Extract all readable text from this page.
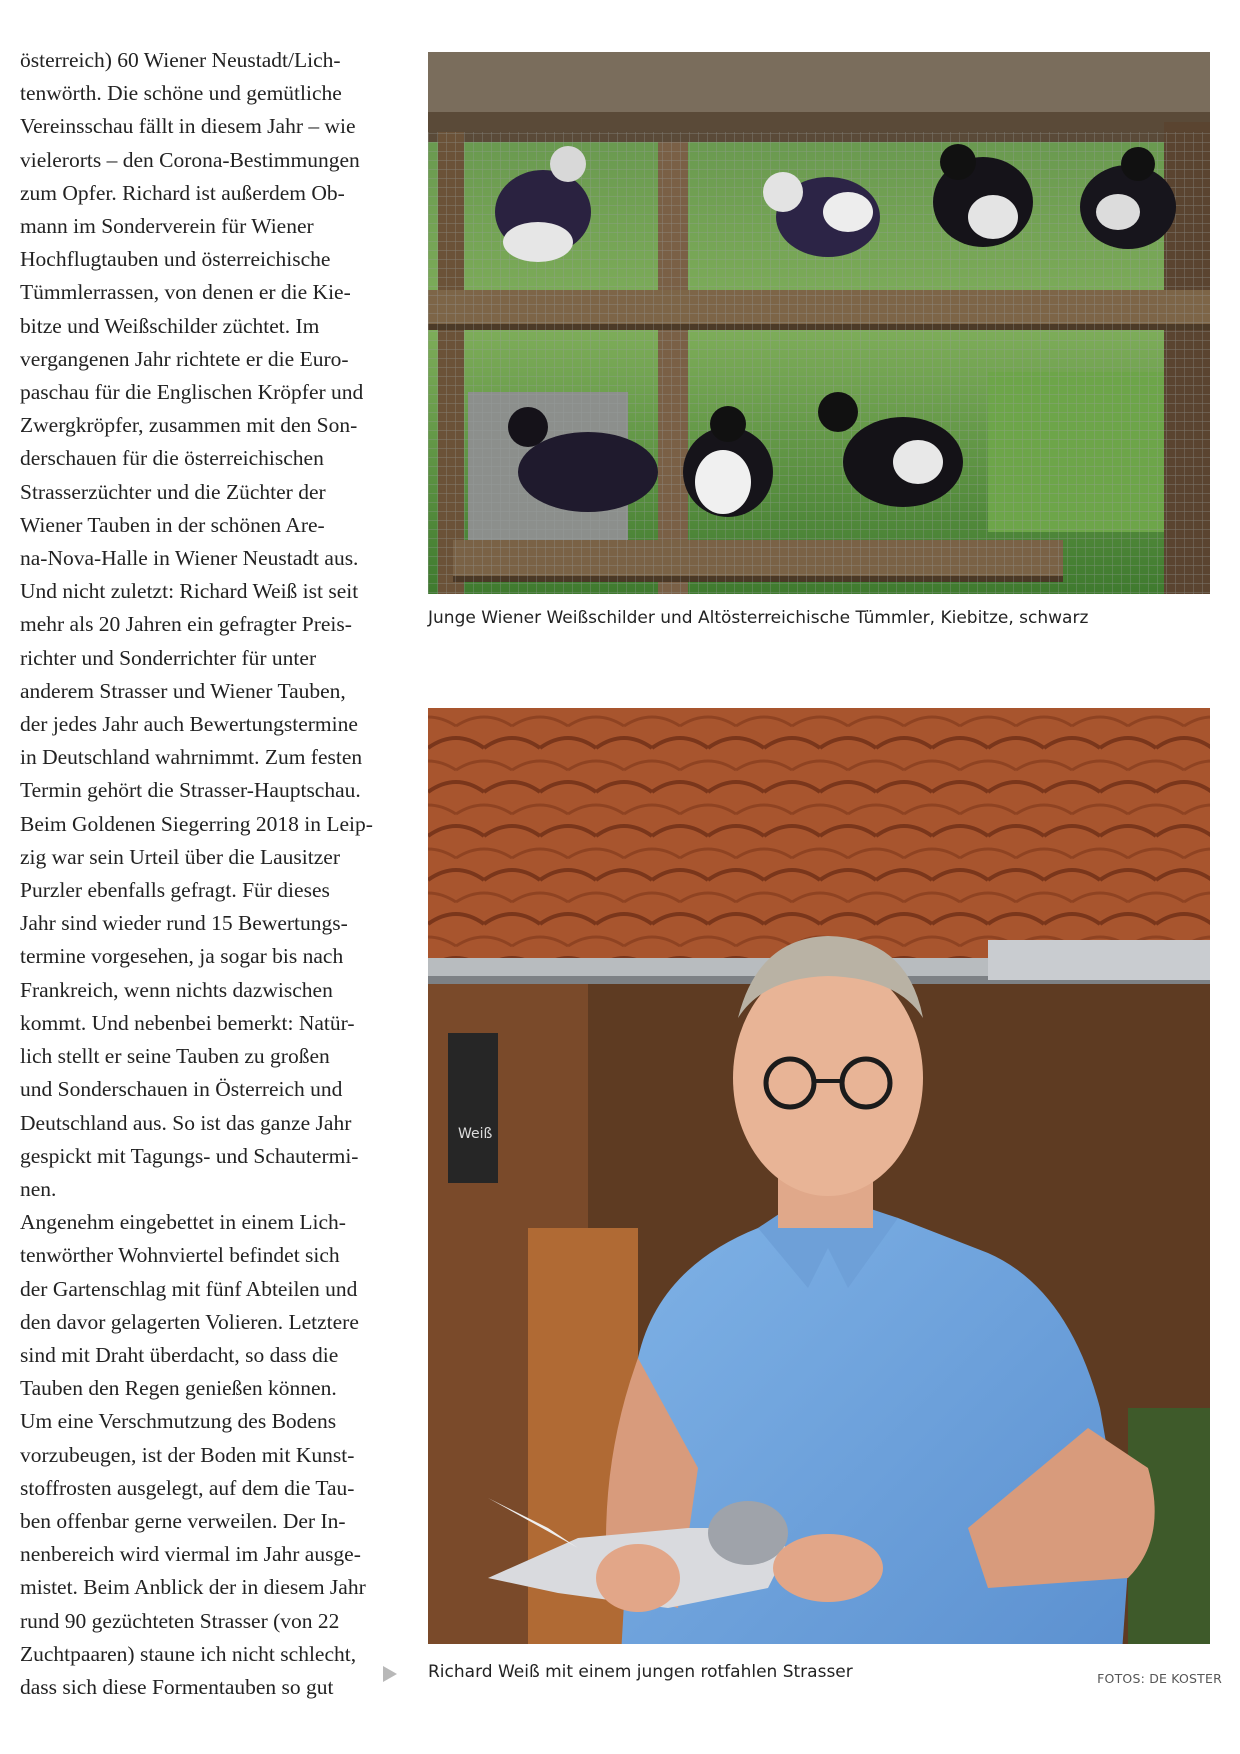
österreich) 60 Wiener Neustadt/Lich-
tenwörth. Die schöne und gemütliche
Vereinsschau fällt in diesem Jahr – wie
vielerorts – den Corona-Bestimmungen
zum Opfer. Richard ist außerdem Ob-
mann im Sonderverein für Wiener
Hochflugtauben und österreichische
Tümmlerrassen, von denen er die Kie-
bitze und Weißschilder züchtet. Im
vergangenen Jahr richtete er die Euro-
paschau für die Englischen Kröpfer und
Zwergkröpfer, zusammen mit den Son-
derschauen für die österreichischen
Strasserzüchter und die Züchter der
Wiener Tauben in der schönen Are-
na-Nova-Halle in Wiener Neustadt aus.
Und nicht zuletzt: Richard Weiß ist seit
mehr als 20 Jahren ein gefragter Preis-
richter und Sonderrichter für unter
anderem Strasser und Wiener Tauben,
der jedes Jahr auch Bewertungstermine
in Deutschland wahrnimmt. Zum festen
Termin gehört die Strasser-Hauptschau.
Beim Goldenen Siegerring 2018 in Leip-
zig war sein Urteil über die Lausitzer
Purzler ebenfalls gefragt. Für dieses
Jahr sind wieder rund 15 Bewertungs-
termine vorgesehen, ja sogar bis nach
Frankreich, wenn nichts dazwischen
kommt. Und nebenbei bemerkt: Natür-
lich stellt er seine Tauben zu großen
und Sonderschauen in Österreich und
Deutschland aus. So ist das ganze Jahr
gespickt mit Tagungs- und Schautermi-
nen.
Angenehm eingebettet in einem Lich-
tenwörther Wohnviertel befindet sich
der Gartenschlag mit fünf Abteilen und
den davor gelagerten Volieren. Letztere
sind mit Draht überdacht, so dass die
Tauben den Regen genießen können.
Um eine Verschmutzung des Bodens
vorzubeugen, ist der Boden mit Kunst-
stoffrosten ausgelegt, auf dem die Tau-
ben offenbar gerne verweilen. Der In-
nenbereich wird viermal im Jahr ausge-
mistet. Beim Anblick der in diesem Jahr
rund 90 gezüchteten Strasser (von 22
Zuchtpaaren) staune ich nicht schlecht,
dass sich diese Formentauben so gut
Junge Wiener Weißschilder und Altösterreichische Tümmler, Kiebitze, schwarz
Weiß
Richard Weiß mit einem jungen rotfahlen Strasser	FOTOS: DE KOSTER
